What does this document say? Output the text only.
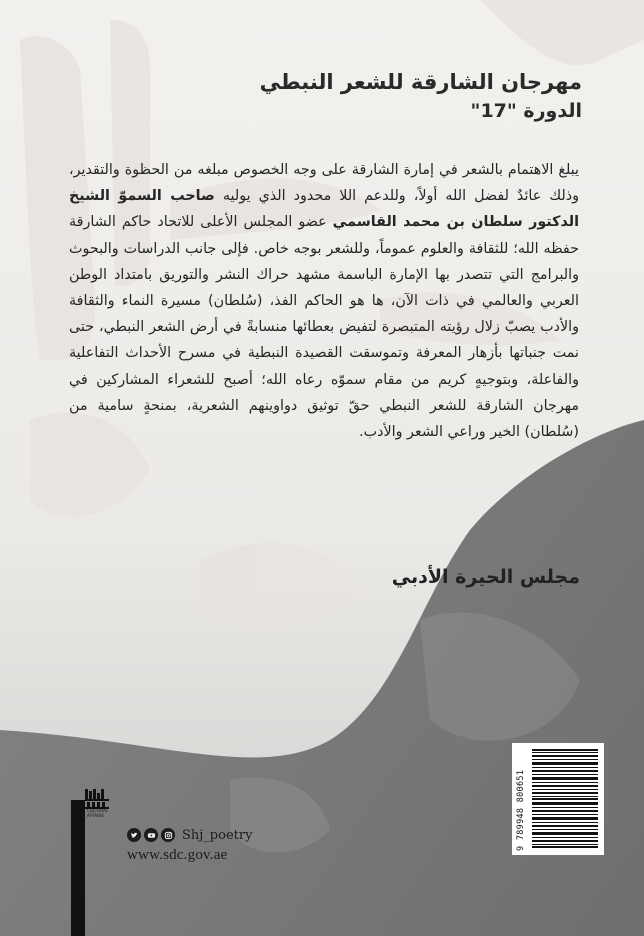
مهرجان الشارقة للشعر النبطي
الدورة "17"
يبلغ الاهتمام بالشعر في إمارة الشارقة على وجه الخصوص مبلغه من الحظوة والتقدير، وذلك عائدٌ لفضل الله أولاً، وللدعم اللا محدود الذي يوليه صاحب السموّ الشيخ الدكتور سلطان بن محمد القاسمي عضو المجلس الأعلى للاتحاد حاكم الشارقة حفظه الله؛ للثقافة والعلوم عموماً، وللشعر بوجه خاص. فإلى جانب الدراسات والبحوث والبرامج التي تتصدر بها الإمارة الباسمة مشهد حراك النشر والتوريق بامتداد الوطن العربي والعالمي في ذات الآن، ها هو الحاكم الفذ، (سُلطان) مسيرة النماء والثقافة والأدب يصبّ زلال رؤيته المتبصرة لتفيض بعطائها منسابةً في أرض الشعر النبطي، حتى نمت جنباتها بأزهار المعرفة وتموسقت القصيدة النبطية في مسرح الأحداث التفاعلية والفاعلة، وبتوجيهٍ كريم من مقام سموّه رعاه الله؛ أصبح للشعراء المشاركين في مهرجان الشارقة للشعر النبطي حقّ توثيق دواوينهم الشعرية، بمنحةٍ سامية من (سُلطان) الخير وراعي الشعر والأدب.
مجلس الحيرة الأدبي
9 789948 800651
CULTURAL AFFAIRS
Shj_poetry
www.sdc.gov.ae
